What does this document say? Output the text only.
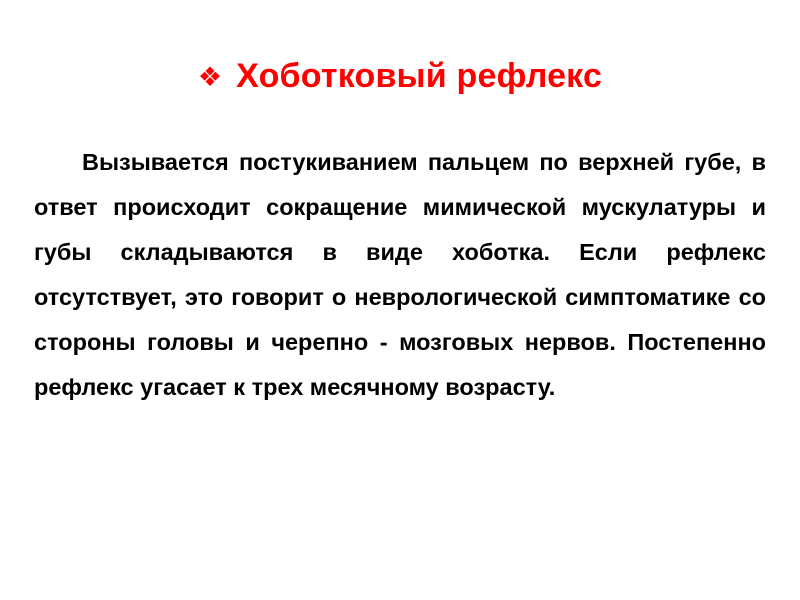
❖ Хоботковый рефлекс

Вызывается постукиванием пальцем по верхней губе, в ответ происходит сокращение мимической мускулатуры и губы складываются в виде хоботка. Если рефлекс отсутствует, это говорит о неврологической симптоматике со стороны головы и черепно - мозговых нервов. Постепенно рефлекс угасает к трех месячному возрасту.
